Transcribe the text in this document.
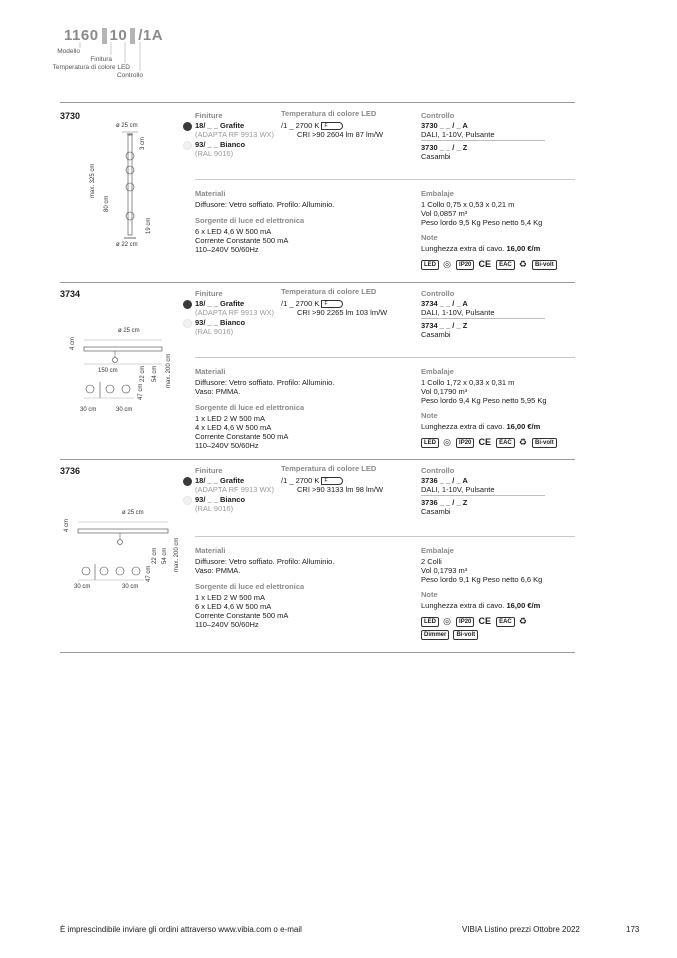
1160 10 /1A
Modello
Finitura
Temperatura di colore LED
Controllo
3730
ø 25 cm
3 cm
max. 325 cm
80 cm
19 cm
ø 22 cm
Finiture
18/ _ _ Grafite
(ADAPTA RF 9913 WX)
93/ _ _ Bianco
(RAL 9016)
Temperatura di colore LED
/1 _ 2700 K F
CRI >90 2604 lm 87 lm/W
Controllo
3730 _ _ / _ A
DALI, 1-10V, Pulsante
3730 _ _ / _ Z
Casambi
Materiali
Diffusore: Vetro soffiato. Profilo: Alluminio.
Sorgente di luce ed elettronica
6 x LED 4,6 W 500 mA
Corrente Constante 500 mA
110–240V 50/60Hz
Embalaje
1 Collo 0,75 x 0,53 x 0,21 m
Vol 0,0857 m³
Peso lordo 9,5 Kg Peso netto 5,4 Kg
Note
Lunghezza extra di cavo. 16,00 €/m
LED ◎ IP20 CE EAC ♻ Bi-volt
3734
ø 25 cm
4 cm
150 cm	22 cm 54 cm max. 200 cm
47 cm
30 cm	30 cm
Finiture
18/ _ _ Grafite
(ADAPTA RF 9913 WX)
93/ _ _ Bianco
(RAL 9016)
Temperatura di colore LED
/1 _ 2700 K F
CRI >90 2265 lm 103 lm/W
Controllo
3734 _ _ / _ A
DALI, 1-10V, Pulsante
3734 _ _ / _ Z
Casambi
Materiali
Diffusore: Vetro soffiato. Profilo: Alluminio.
Vaso: PMMA.
Sorgente di luce ed elettronica
1 x LED 2 W 500 mA
4 x LED 4,6 W 500 mA
Corrente Constante 500 mA
110–240V 50/60Hz
Embalaje
1 Collo 1,72 x 0,33 x 0,31 m
Vol 0,1790 m³
Peso lordo 9,4 Kg Peso netto 5,95 Kg
Note
Lunghezza extra di cavo. 16,00 €/m
LED ◎ IP20 CE EAC ♻ Bi-volt
3736
ø 25 cm
4 cm
22 cm 54 cm max. 200 cm
47 cm
30 cm	30 cm
Finiture
18/ _ _ Grafite
(ADAPTA RF 9913 WX)
93/ _ _ Bianco
(RAL 9016)
Temperatura di colore LED
/1 _ 2700 K F
CRI >90 3133 lm 98 lm/W
Controllo
3736 _ _ / _ A
DALI, 1-10V, Pulsante
3736 _ _ / _ Z
Casambi
Materiali
Diffusore: Vetro soffiato. Profilo: Alluminio.
Vaso: PMMA.
Sorgente di luce ed elettronica
1 x LED 2 W 500 mA
6 x LED 4,6 W 500 mA
Corrente Constante 500 mA
110–240V 50/60Hz
Embalaje
2 Colli
Vol 0,1793 m³
Peso lordo 9,1 Kg Peso netto 6,6 Kg
Note
Lunghezza extra di cavo. 16,00 €/m
LED ◎ IP20 CE EAC ♻
Dimmer Bi-volt
È imprescindibile inviare gli ordini attraverso www.vibia.com o e-mail	VIBIA Listino prezzi Ottobre 2022	173
